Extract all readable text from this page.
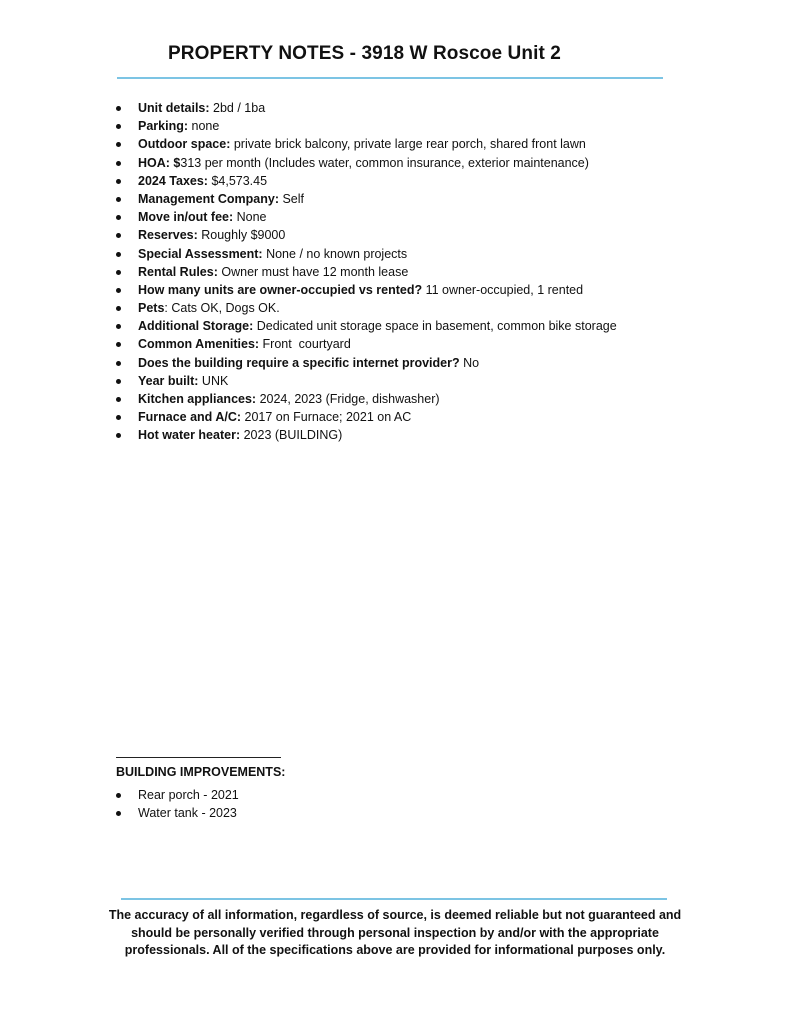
PROPERTY NOTES - 3918 W Roscoe Unit 2
Unit details: 2bd / 1ba
Parking: none
Outdoor space: private brick balcony, private large rear porch, shared front lawn
HOA: $313 per month (Includes water, common insurance, exterior maintenance)
2024 Taxes: $4,573.45
Management Company: Self
Move in/out fee: None
Reserves: Roughly $9000
Special Assessment: None / no known projects
Rental Rules: Owner must have 12 month lease
How many units are owner-occupied vs rented? 11 owner-occupied, 1 rented
Pets: Cats OK, Dogs OK.
Additional Storage: Dedicated unit storage space in basement, common bike storage
Common Amenities: Front  courtyard
Does the building require a specific internet provider? No
Year built: UNK
Kitchen appliances: 2024, 2023 (Fridge, dishwasher)
Furnace and A/C: 2017 on Furnace; 2021 on AC
Hot water heater: 2023 (BUILDING)
BUILDING IMPROVEMENTS:
Rear porch - 2021
Water tank - 2023
The accuracy of all information, regardless of source, is deemed reliable but not guaranteed and
should be personally verified through personal inspection by and/or with the appropriate
professionals. All of the specifications above are provided for informational purposes only.
